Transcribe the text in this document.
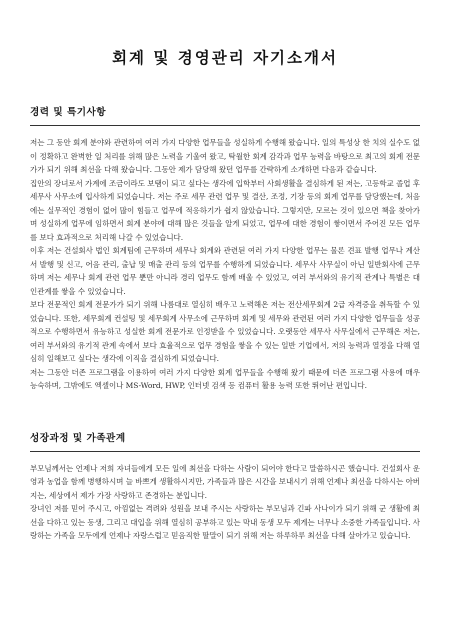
회계 및 경영관리 자기소개서
경력 및 특기사항

저는 그 동안 회계 분야와 관련하여 여러 가지 다양한 업무들을 성실하게 수행해 왔습니다. 일의 특성상 한 치의 실수도 없이 정확하고 완벽한 일 처리를 위해 많은 노력을 기울여 왔고, 탁월한 회계 감각과 업무 능력을 바탕으로 최고의 회계 전문가가 되기 위해 최선을 다해 왔습니다. 그동안 제가 담당해 왔던 업무를 간략하게 소개하면 다음과 같습니다.

집안의 장녀로서 가계에 조금이라도 보탬이 되고 싶다는 생각에 입학부터 사회생활을 결심하게 된 저는, 고등학교 졸업 후 세무사 사무소에 입사하게 되었습니다. 저는 주로 세무 관련 업무 및 결산, 조정, 기장 등의 회계 업무를 담당했는데, 처음에는 실무적인 경험이 없어 많이 힘들고 업무에 적응하기가 쉽지 않았습니다. 그렇지만, 모르는 것이 있으면 책을 찾아가며 성실하게 업무에 임하면서 회계 분야에 대해 많은 것들을 알게 되었고, 업무에 대한 경험이 쌓이면서 주어진 모든 업무를 보다 효과적으로 처리해 나갈 수 있었습니다.

이후 저는 건설회사 법인 회계팀에 근무하며 세무나 회계와 관련된 여러 가지 다양한 업무는 물론 견표 발행 업무나 계산서 발행 및 신고, 어음 관리, 출납 및 매출 관리 등의 업무를 수행하게 되었습니다. 세무사 사무실이 아닌 일반회사에 근무하며 저는 세무나 회계 관련 업무 뿐만 아니라 경리 업무도 함께 배울 수 있었고, 여러 부서와의 유기적 관계나 특별은 대인관계를 쌓을 수 있었습니다.

보다 전문적인 회계 전문가가 되기 위해 나름대로 열심히 배우고 노력해온 저는 전산세무회계 2급 자격증을 취득할 수 있었습니다. 또한, 세무회계 컨설팅 및 세무회계 사무소에 근무하며 회계 및 세무와 관련된 여러 가지 다양한 업무들을 성공적으로 수행하면서 유능하고 성실한 회계 전문가로 인정받을 수 있었습니다. 오랫동안 세무사 사무실에서 근무해온 저는, 여러 부서와의 유기적 관계 속에서 보다 효율적으로 업무 경험을 쌓을 수 있는 일반 기업에서, 저의 능력과 열정을 다해 열심히 일해보고 싶다는 생각에 이직을 결심하게 되었습니다.

저는 그동안 더존 프로그램을 이용하여 여러 가지 다양한 회계 업무들을 수행해 왔기 때문에 더존 프로그램 사용에 매우 능숙하며, 그밖에도 엑셀이나 MS-Word, HWP, 인터넷 검색 등 컴퓨터 활용 능력 또한 뛰어난 편입니다.

성장과정 및 가족관계

부모님께서는 언제나 저희 자녀들에게 모든 일에 최선을 다하는 사람이 되어야 한다고 말씀하시곤 했습니다. 건설회사 운영과 농업을 함께 병행하시며 늘 바쁘게 생활하시지만, 가족들과 많은 시간을 보내시기 위해 언제나 최선을 다하시는 아버지는, 세상에서 제가 가장 사랑하고 존경하는 분입니다.

장녀인 저를 믿어 주시고, 아낌없는 격려와 성원을 보내 주시는 사랑하는 부모님과 긴파 사나이가 되기 위해 군 생활에 최선을 다하고 있는 동생, 그리고 대입을 위해 열심히 공부하고 있는 막내 동생 모두 제게는 너무나 소중한 가족들입니다. 사랑하는 가족을 모두에게 언제나 자랑스럽고 믿음직한 딸말이 되기 위해 저는 하루하루 최선을 다해 살아가고 있습니다.
